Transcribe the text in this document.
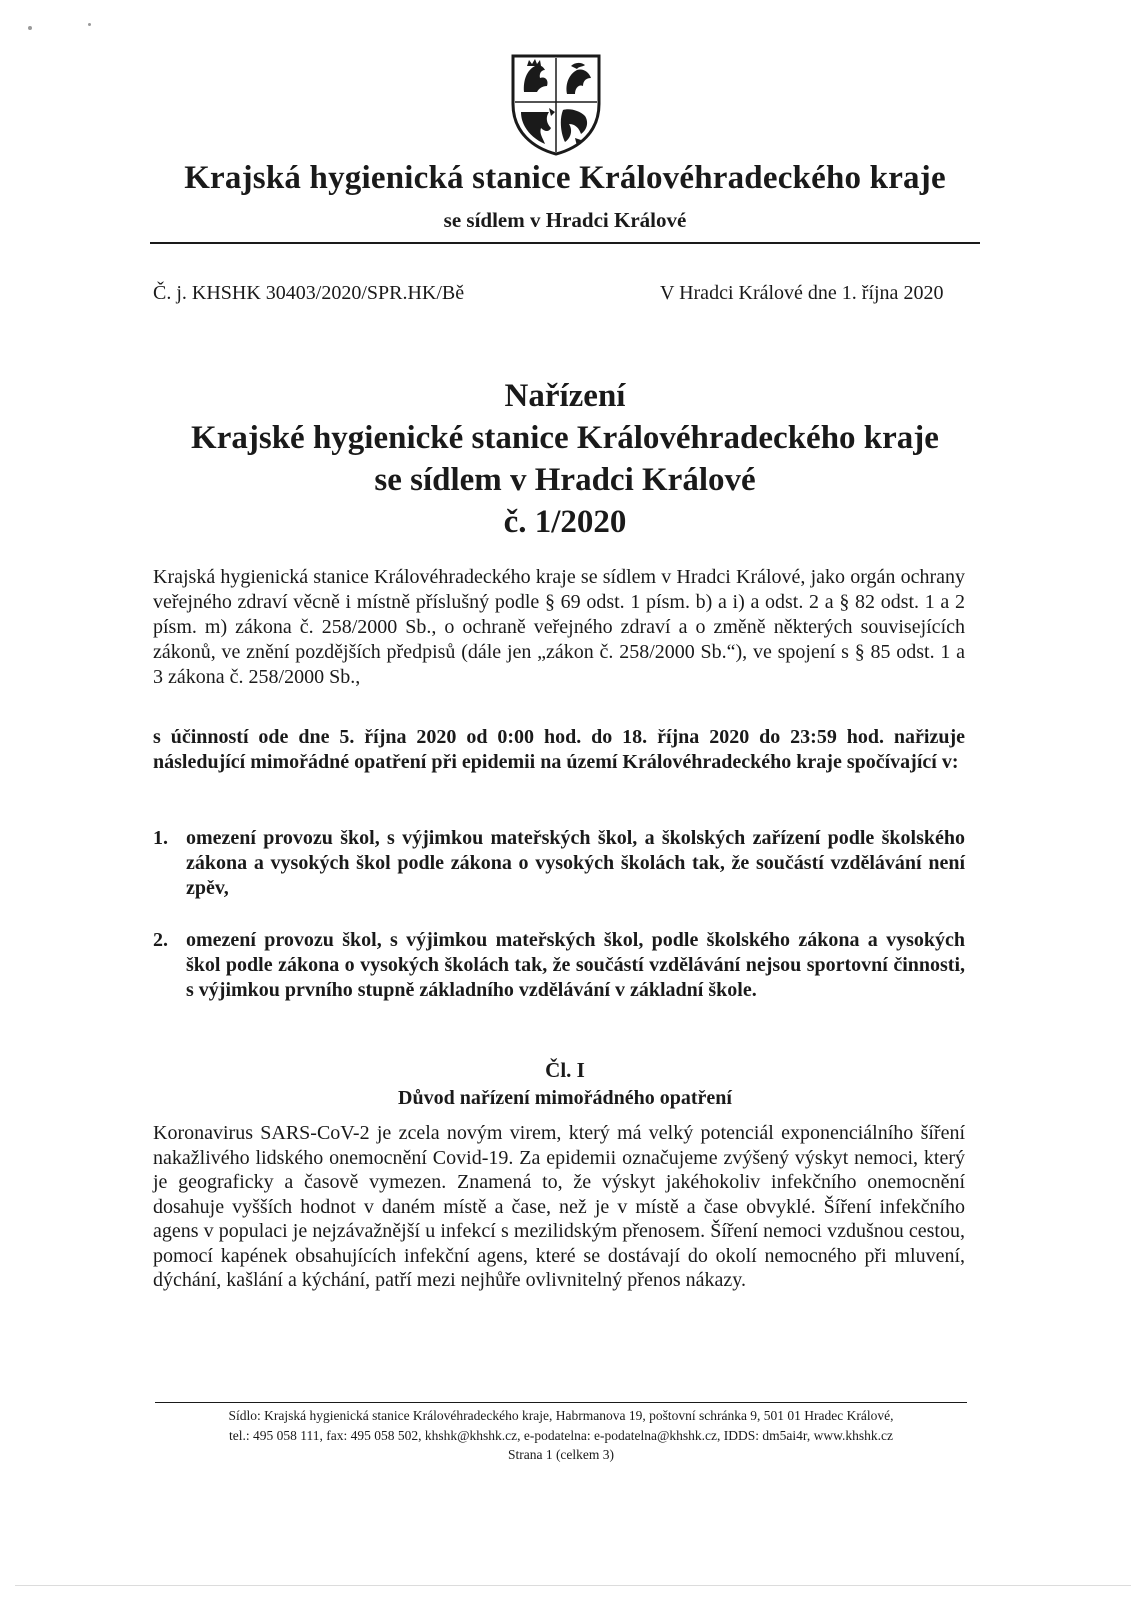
Krajská hygienická stanice Královéhradeckého kraje
se sídlem v Hradci Králové
Č. j. KHSHK 30403/2020/SPR.HK/Bě	V Hradci Králové dne 1. října 2020
Nařízení
Krajské hygienické stanice Královéhradeckého kraje
se sídlem v Hradci Králové
č. 1/2020
Krajská hygienická stanice Královéhradeckého kraje se sídlem v Hradci Králové, jako orgán ochrany veřejného zdraví věcně i místně příslušný podle § 69 odst. 1 písm. b) a i) a odst. 2 a § 82 odst. 1 a 2 písm. m) zákona č. 258/2000 Sb., o ochraně veřejného zdraví a o změně některých souvisejících zákonů, ve znění pozdějších předpisů (dále jen „zákon č. 258/2000 Sb.“), ve spojení s § 85 odst. 1 a 3 zákona č. 258/2000 Sb.,
s účinností ode dne 5. října 2020 od 0:00 hod. do 18. října 2020 do 23:59 hod. nařizuje následující mimořádné opatření při epidemii na území Královéhradeckého kraje spočívající v:
1. omezení provozu škol, s výjimkou mateřských škol, a školských zařízení podle školského zákona a vysokých škol podle zákona o vysokých školách tak, že součástí vzdělávání není zpěv,
2. omezení provozu škol, s výjimkou mateřských škol, podle školského zákona a vysokých škol podle zákona o vysokých školách tak, že součástí vzdělávání nejsou sportovní činnosti, s výjimkou prvního stupně základního vzdělávání v základní škole.
Čl. I
Důvod nařízení mimořádného opatření
Koronavirus SARS-CoV-2 je zcela novým virem, který má velký potenciál exponenciálního šíření nakažlivého lidského onemocnění Covid-19. Za epidemii označujeme zvýšený výskyt nemoci, který je geograficky a časově vymezen. Znamená to, že výskyt jakéhokoliv infekčního onemocnění dosahuje vyšších hodnot v daném místě a čase, než je v místě a čase obvyklé. Šíření infekčního agens v populaci je nejzávažnější u infekcí s mezilidským přenosem. Šíření nemoci vzdušnou cestou, pomocí kapének obsahujících infekční agens, které se dostávají do okolí nemocného při mluvení, dýchání, kašlání a kýchání, patří mezi nejhůře ovlivnitelný přenos nákazy.
Sídlo: Krajská hygienická stanice Královéhradeckého kraje, Habrmanova 19, poštovní schránka 9, 501 01 Hradec Králové,
tel.: 495 058 111, fax: 495 058 502, khshk@khshk.cz, e-podatelna: e-podatelna@khshk.cz, IDDS: dm5ai4r, www.khshk.cz
Strana 1 (celkem 3)
